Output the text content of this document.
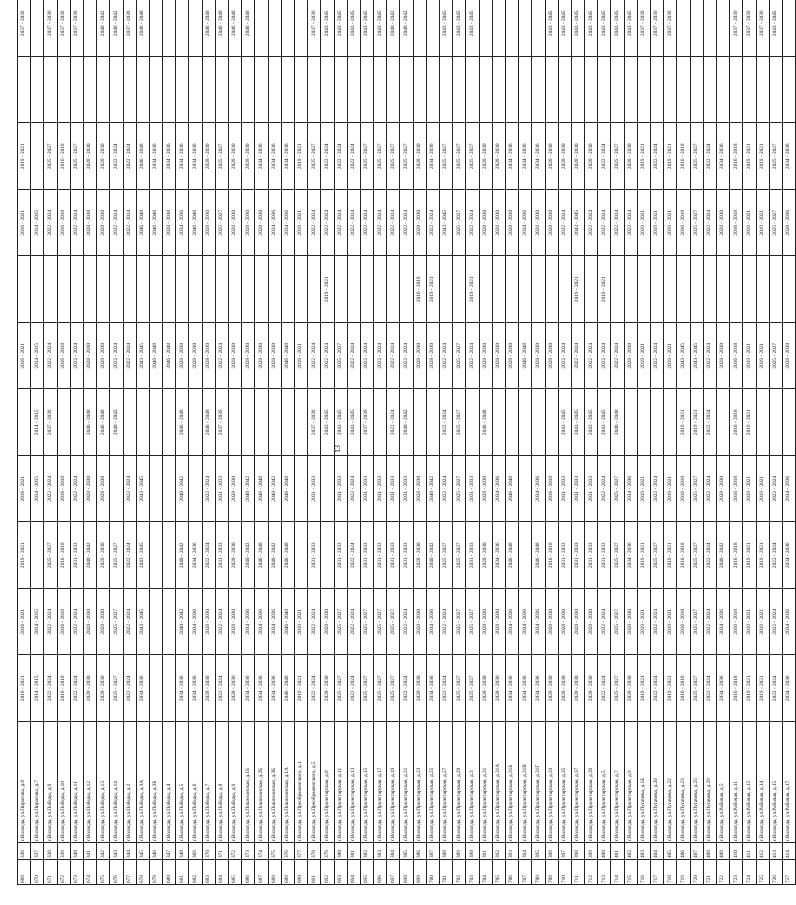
13
669	336	г.Вологда, ул.Пирогова, д.8	2016 - 2021	2016 - 2021	2019 - 2021	2016 - 2021		2016 - 2021		2016 - 2021	2019 - 2021		2037 - 2039
670	337	г.Вологда, ул.Пирогова, д.7	2014 - 2015	2014 - 2015		2014 - 2015	2014 - 2015	2014 - 2015		2014 - 2015			
671	338	г.Вологда, ул.Победы, д.9	2022 - 2024	2022 - 2024	2025 - 2027	2022 - 2024	2037 - 2039	2022 - 2024		2022 - 2024	2025 - 2027		2037 - 2039
672	339	г.Вологда, ул.Победы, д.10	2016 - 2018	2016 - 2018	2016 - 2018	2016 - 2018		2016 - 2018		2016 - 2018	2016 - 2018		2037 - 2039
673	340	г.Вологда, ул.Победы, д.11	2022 - 2024	2022 - 2024	2031 - 2033	2022 - 2024		2022 - 2024		2022 - 2024	2025 - 2027		2037 - 2039
674	341	г.Вологда, ул.Победы, д.12	2028 - 2030	2028 - 2030	2040 - 2042	2028 - 2030	2046 - 2048	2028 - 2030		2028 - 2030	2028 - 2030		
675	342	г.Вологда, ул.Победы, д.13	2028 - 2030	2028 - 2030	2028 - 2030	2028 - 2030	2046 - 2048	2028 - 2030		2028 - 2030	2028 - 2030		2040 - 2042
676	343	г.Вологда, ул.Победы, д.14	2025 - 2027	2025 - 2027	2025 - 2027		2040 - 2042	2022 - 2024		2022 - 2024	2022 - 2024		2040 - 2042
677	344	г.Вологда, ул.Победы, д.2	2022 - 2024	2022 - 2024	2022 - 2024	2022 - 2024		2022 - 2024		2022 - 2024	2022 - 2024		2037 - 2039
678	345	г.Вологда, ул.Победы, д.3А	2034 - 2036	2043 - 2045	2043 - 2045	2043 - 2045		2043 - 2045		2046 - 2048	2046 - 2048		2046 - 2048
679	346	г.Вологда, ул.Победы, д.3Б						2046 - 2048		2046 - 2048	2034 - 2036		
680	347	г.Вологда, ул.Победы, д.4						2046 - 2048		2028 - 2030	2034 - 2036		
681	348	г.Вологда, ул.Победы, д.5	2034 - 2036	2040 - 2042	2040 - 2042	2040 - 2042	2046 - 2048	2028 - 2030		2034 - 2036	2034 - 2036		
682	369	г.Вологда, ул.Победы, д.6	2034 - 2036	2034 - 2036	2034 - 2036			2028 - 2030		2046 - 2048	2034 - 2036		
683	370	г.Вологда, ул.Победы, д.7	2028 - 2030	2028 - 2030	2022 - 2024	2022 - 2024	2046 - 2048	2028 - 2030		2028 - 2030	2028 - 2030		2046 - 2048
684	371	г.Вологда, ул.Победы, д.8	2022 - 2024	2022 - 2024	2031 - 2033	2031 - 2033	2037 - 2039	2022 - 2024		2025 - 2027	2025 - 2027		2046 - 2048
685	372	г.Вологда, ул.Победы, д.9	2028 - 2030	2028 - 2030	2028 - 2030	2028 - 2030		2028 - 2030		2028 - 2030	2028 - 2030		2046 - 2048
686	373	г.Вологда, ул.Пошехонская, д.1Б	2034 - 2036	2034 - 2036	2040 - 2042	2040 - 2042		2028 - 2030		2028 - 2030	2028 - 2030		2046 - 2048
687	374	г.Вологда, ул.Пошехонская, д.2Б	2034 - 2036	2034 - 2036	2046 - 2048	2046 - 2048		2028 - 2030		2028 - 2030	2034 - 2036		
688	375	г.Вологда, ул.Пошехонская, д.3Б	2034 - 2036	2034 - 2036	2040 - 2042	2040 - 2042		2028 - 2030		2034 - 2036	2034 - 2036		
689	376	г.Вологда, ул.Пошехонская, д.1А	2046 - 2048	2046 - 2048	2046 - 2048	2046 - 2048		2046 - 2048		2034 - 2036	2034 - 2036		
690	377	г.Вологда, ул.Преображенского, д.1	2019 - 2021	2019 - 2021				2019 - 2021		2019 - 2021	2019 - 2021		
691	378	г.Вологда, ул.Преображенского, д.5	2022 - 2024	2022 - 2024	2031 - 2033	2031 - 2033	2037 - 2039	2022 - 2024		2022 - 2024	2025 - 2027		2037 - 2039
692	379	г.Вологда, ул.Пролетарская, д.8	2028 - 2030	2028 - 2030			2043 - 2045	2022 - 2024	2019 - 2021	2022 - 2024	2022 - 2024		2043 - 2045
693	380	г.Вологда, ул.Пролетарская, д.11	2025 - 2027	2025 - 2027	2031 - 2033	2031 - 2033	2043 - 2045	2025 - 2027		2022 - 2024	2022 - 2024		2043 - 2045
694	381	г.Вологда, ул.Пролетарская, д.13	2022 - 2024	2022 - 2024	2022 - 2024	2022 - 2024	2043 - 2045	2022 - 2024		2022 - 2024	2022 - 2024		2043 - 2045
695	382	г.Вологда, ул.Пролетарская, д.15	2025 - 2027	2025 - 2027	2031 - 2033	2031 - 2033	2037 - 2039	2022 - 2024		2022 - 2024	2025 - 2027		2043 - 2045
696	383	г.Вологда, ул.Пролетарская, д.17	2025 - 2027	2025 - 2027	2031 - 2033	2031 - 2033		2022 - 2024		2022 - 2024	2025 - 2027		2043 - 2045
697	384	г.Вологда, ул.Пролетарская, д.19	2025 - 2027	2025 - 2027	2031 - 2033	2031 - 2033	2022 - 2024	2022 - 2024		2022 - 2024	2025 - 2027		2040 - 2042
698	385	г.Вологда, ул.Пролетарская, д.21	2022 - 2024	2022 - 2024	2031 - 2033	2031 - 2033	2040 - 2042	2022 - 2024		2022 - 2024	2025 - 2027		2040 - 2042
699	386	г.Вологда, ул.Пролетарская, д.23	2028 - 2030	2028 - 2030	2028 - 2030	2028 - 2030		2028 - 2030	2016 - 2018	2028 - 2030	2028 - 2030		
700	387	г.Вологда, ул.Пролетарская, д.25	2034 - 2036	2034 - 2036	2040 - 2042	2040 - 2042		2028 - 2030	2019 - 2021	2022 - 2024	2034 - 2036		
701	388	г.Вологда, ул.Пролетарская, д.27	2022 - 2024	2022 - 2024	2025 - 2027	2022 - 2024	2022 - 2024	2022 - 2024		2043 - 2045	2025 - 2027		2043 - 2045
702	389	г.Вологда, ул.Пролетарская, д.29	2025 - 2027	2025 - 2027	2025 - 2027	2025 - 2027	2025 - 2027	2025 - 2027		2025 - 2027	2025 - 2027		2043 - 2045
703	390	г.Вологда, ул.Пролетарская, д.3	2025 - 2027	2025 - 2027	2031 - 2033	2031 - 2033		2022 - 2024	2019 - 2021	2022 - 2024	2025 - 2027		2043 - 2045
704	391	г.Вологда, ул.Пролетарская, д.31	2028 - 2030	2028 - 2030	2028 - 2030	2028 - 2030	2046 - 2048	2028 - 2030		2028 - 2030	2028 - 2030		
705	392	г.Вологда, ул.Пролетарская, д.31А	2028 - 2030	2028 - 2030	2034 - 2036	2034 - 2036		2028 - 2030		2028 - 2030	2028 - 2030		
706	393	г.Вологда, ул.Пролетарская, д.31Б	2034 - 2036	2034 - 2036	2046 - 2048	2046 - 2048		2028 - 2030		2028 - 2030	2034 - 2036		
707	394	г.Вологда, ул.Пролетарская, д.31В	2034 - 2036	2034 - 2036				2046 - 2048		2034 - 2036	2034 - 2036		
708	395	г.Вологда, ул.Пролетарская, д.31Г	2034 - 2036	2034 - 2036	2046 - 2048	2034 - 2036		2028 - 2030		2028 - 2030	2034 - 2036		
709	396	г.Вологда, ул.Пролетарская, д.33	2028 - 2030	2028 - 2030	2016 - 2018	2016 - 2018		2028 - 2030		2028 - 2030	2028 - 2030		2043 - 2045
710	397	г.Вологда, ул.Пролетарская, д.35	2028 - 2030	2028 - 2030	2031 - 2033	2031 - 2033	2043 - 2045	2022 - 2024		2022 - 2024	2028 - 2030		2043 - 2045
711	398	г.Вологда, ул.Пролетарская, д.37	2028 - 2030	2028 - 2030	2031 - 2033	2031 - 2033	2043 - 2045	2022 - 2024	2019 - 2021	2043 - 2045	2028 - 2030		2043 - 2045
712	399	г.Вологда, ул.Пролетарская, д.39	2028 - 2030	2028 - 2030	2031 - 2033	2031 - 2033	2043 - 2045	2022 - 2024		2022 - 2024	2028 - 2030		2043 - 2045
713	400	г.Вологда, ул.Пролетарская, д.5	2022 - 2024	2022 - 2024	2031 - 2033	2022 - 2024	2043 - 2045	2022 - 2024	2019 - 2021	2022 - 2024	2022 - 2024		2043 - 2045
714	401	г.Вологда, ул.Пролетарская, д.7	2025 - 2027	2025 - 2027	2025 - 2027	2025 - 2027	2046 - 2048	2022 - 2024		2022 - 2024	2025 - 2027		2043 - 2045
715	402	г.Вологда, ул.Пролетарская, д.9	2028 - 2030	2028 - 2030	2034 - 2036	2034 - 2036		2028 - 2030		2022 - 2024	2028 - 2030		2043 - 2045
716	403	г.Вологда, ул.Пугачева, д.1Б	2019 - 2021	2019 - 2021	2019 - 2021	2019 - 2021		2019 - 2021		2019 - 2021	2019 - 2021		2037 - 2039
717	404	г.Вологда, ул.Пугачева, д.20	2022 - 2024	2022 - 2024	2025 - 2027	2022 - 2024		2022 - 2024		2019 - 2021	2022 - 2024		2037 - 2039
718	405	г.Вологда, ул.Пугачева, д.22	2019 - 2021	2019 - 2021	2019 - 2021	2019 - 2021		2019 - 2021		2019 - 2021	2019 - 2021		2037 - 2039
719	406	г.Вологда, ул.Пугачева, д.23	2016 - 2018	2016 - 2018	2016 - 2018	2016 - 2018	2019 - 2021	2043 - 2045		2016 - 2018	2016 - 2018		
720	407	г.Вологда, ул.Пугачева, д.25	2025 - 2027	2025 - 2027	2025 - 2027	2025 - 2027	2019 - 2021	2043 - 2045		2025 - 2027	2025 - 2027		
721	408	г.Вологда, ул.Пугачева, д.29	2022 - 2024	2022 - 2024	2022 - 2024	2022 - 2024	2022 - 2024	2022 - 2024		2022 - 2024	2022 - 2024		
722	409	г.Вологда, ул.Рабочая, д.5	2034 - 2036	2034 - 2036	2040 - 2042	2028 - 2030		2028 - 2030		2028 - 2030	2034 - 2036		
723	410	г.Вологда, ул.Рабочая, д.11	2016 - 2018	2016 - 2018	2016 - 2018	2016 - 2018	2016 - 2018	2016 - 2018		2016 - 2018	2016 - 2018		2037 - 2039
724	411	г.Вологда, ул.Рабочая, д.12	2019 - 2021	2019 - 2021	2019 - 2021	2019 - 2021	2019 - 2021	2019 - 2021		2019 - 2021	2019 - 2021		2037 - 2039
725	412	г.Вологда, ул.Рабочая, д.14	2019 - 2021	2019 - 2021	2019 - 2021	2019 - 2021		2019 - 2021		2019 - 2021	2019 - 2021		2037 - 2039
726	413	г.Вологда, ул.Рабочая, д.15	2022 - 2024	2022 - 2024	2022 - 2024	2022 - 2024		2025 - 2027		2025 - 2027	2025 - 2027		2043 - 2045
727	414	г.Вологда, ул.Рабочая, д.17	2034 - 2036	2034 - 2036	2034 - 2036	2034 - 2036		2028 - 2030		2028 - 2036	2034 - 2036		
